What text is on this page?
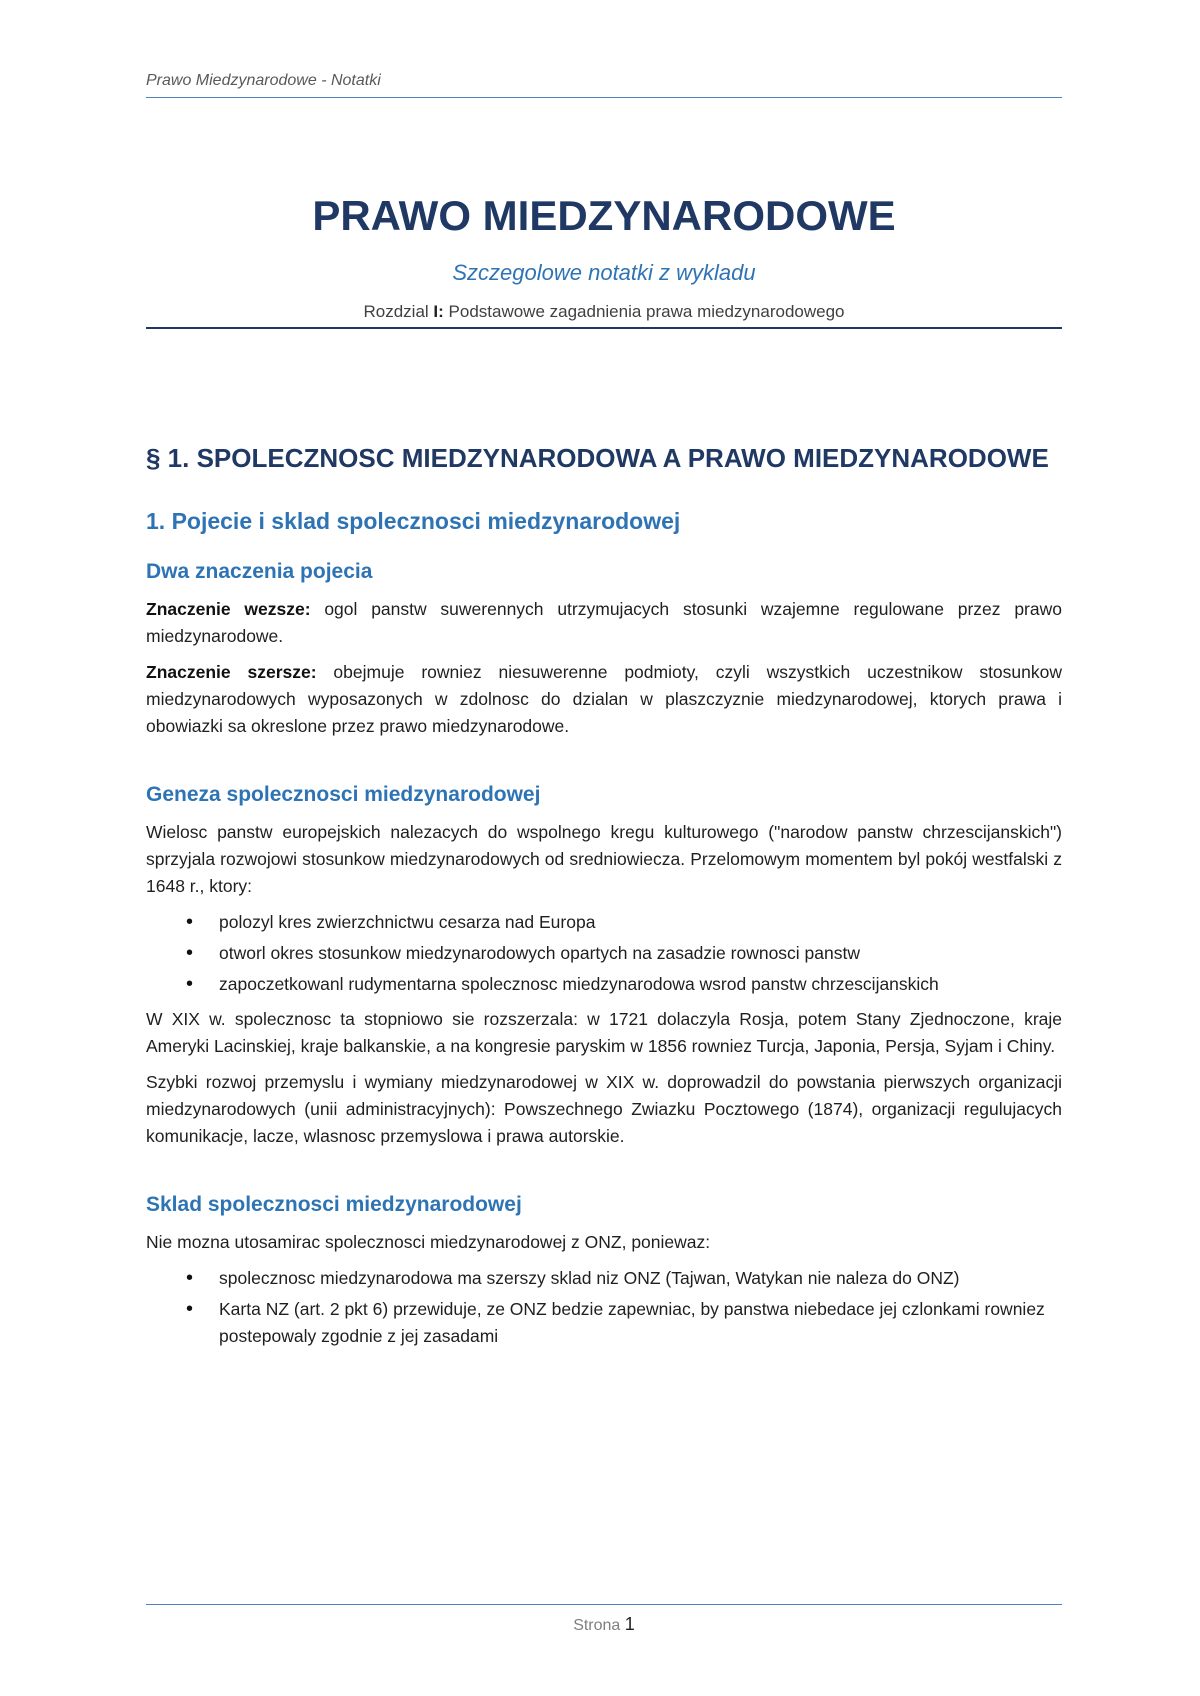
Prawo Miedzynarodowe - Notatki
PRAWO MIEDZYNARODOWE
Szczegolowe notatki z wykladu
Rozdzial I: Podstawowe zagadnienia prawa miedzynarodowego
§ 1. SPOLECZNOSC MIEDZYNARODOWA A PRAWO MIEDZYNARODOWE
1. Pojecie i sklad spolecznosci miedzynarodowej
Dwa znaczenia pojecia

Znaczenie wezsze: ogol panstw suwerennych utrzymujacych stosunki wzajemne regulowane przez prawo miedzynarodowe.

Znaczenie szersze: obejmuje rowniez niesuwerenne podmioty, czyli wszystkich uczestnikow stosunkow miedzynarodowych wyposazonych w zdolnosc do dzialan w plaszczyznie miedzynarodowej, ktorych prawa i obowiazki sa okreslone przez prawo miedzynarodowe.

Geneza spolecznosci miedzynarodowej

Wielosc panstw europejskich nalezacych do wspolnego kregu kulturowego ("narodow panstw chrzescijanskich") sprzyjala rozwojowi stosunkow miedzynarodowych od sredniowiecza. Przelomowym momentem byl pokój westfalski z 1648 r., ktory:

• polozyl kres zwierzchnictwu cesarza nad Europa
• otworl okres stosunkow miedzynarodowych opartych na zasadzie rownosci panstw
• zapoczetkowanl rudymentarna spolecznosc miedzynarodowa wsrod panstw chrzescijanskich

W XIX w. spolecznosc ta stopniowo sie rozszerzala: w 1721 dolaczyla Rosja, potem Stany Zjednoczone, kraje Ameryki Lacinskiej, kraje balkanskie, a na kongresie paryskim w 1856 rowniez Turcja, Japonia, Persja, Syjam i Chiny.

Szybki rozwoj przemyslu i wymiany miedzynarodowej w XIX w. doprowadzil do powstania pierwszych organizacji miedzynarodowych (unii administracyjnych): Powszechnego Zwiazku Pocztowego (1874), organizacji regulujacych komunikacje, lacze, wlasnosc przemyslowa i prawa autorskie.

Sklad spolecznosci miedzynarodowej

Nie mozna utosamirac spolecznosci miedzynarodowej z ONZ, poniewaz:

• spolecznosc miedzynarodowa ma szerszy sklad niz ONZ (Tajwan, Watykan nie naleza do ONZ)
• Karta NZ (art. 2 pkt 6) przewiduje, ze ONZ bedzie zapewniac, by panstwa niebedace jej czlonkami rowniez postepowaly zgodnie z jej zasadami
Strona 1
